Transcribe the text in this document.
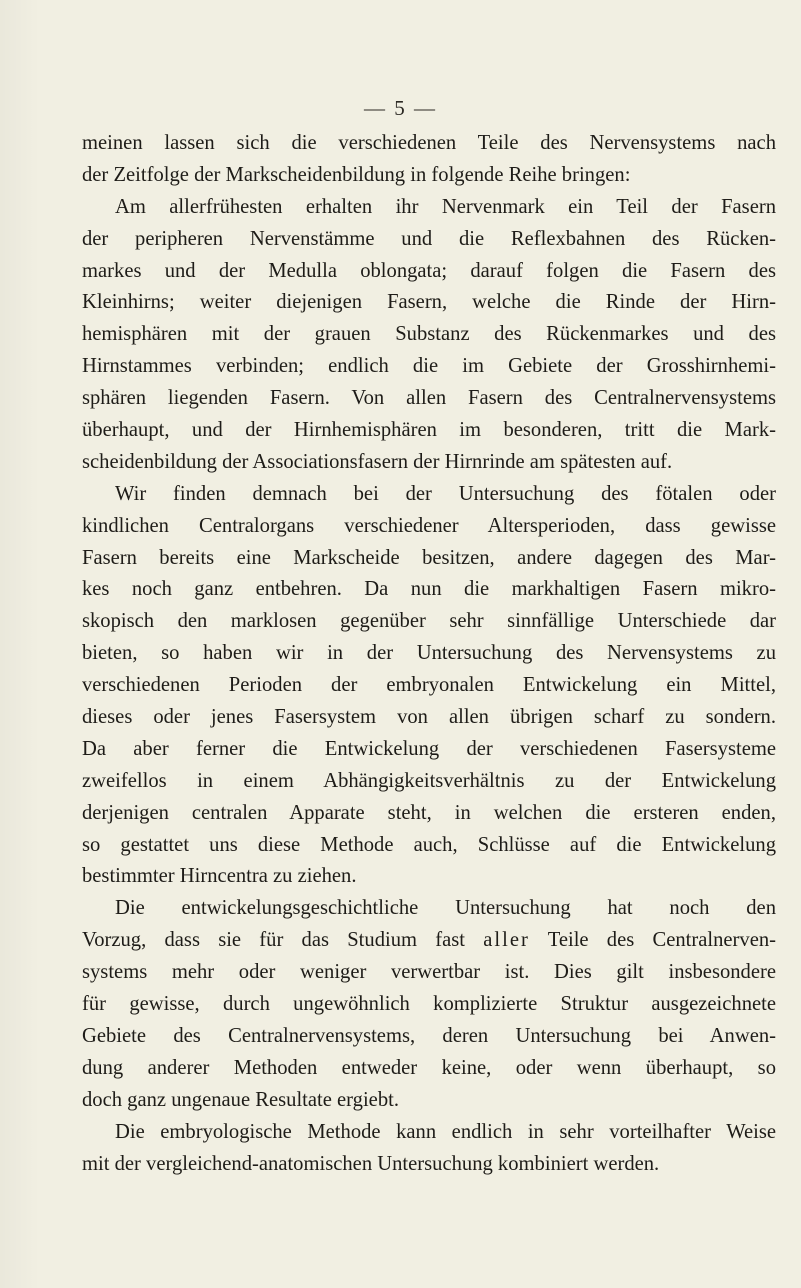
— 5 —
meinen lassen sich die verschiedenen Teile des Nervensystems nach
der Zeitfolge der Markscheidenbildung in folgende Reihe bringen:
Am allerfrühesten erhalten ihr Nervenmark ein Teil der Fasern
der peripheren Nervenstämme und die Reflexbahnen des Rücken-
markes und der Medulla oblongata; darauf folgen die Fasern des
Kleinhirns; weiter diejenigen Fasern, welche die Rinde der Hirn-
hemisphären mit der grauen Substanz des Rückenmarkes und des
Hirnstammes verbinden; endlich die im Gebiete der Grosshirnhemi-
sphären liegenden Fasern. Von allen Fasern des Centralnervensystems
überhaupt, und der Hirnhemisphären im besonderen, tritt die Mark-
scheidenbildung der Associationsfasern der Hirnrinde am spätesten auf.
Wir finden demnach bei der Untersuchung des fötalen oder
kindlichen Centralorgans verschiedener Altersperioden, dass gewisse
Fasern bereits eine Markscheide besitzen, andere dagegen des Mar-
kes noch ganz entbehren. Da nun die markhaltigen Fasern mikro-
skopisch den marklosen gegenüber sehr sinnfällige Unterschiede dar
bieten, so haben wir in der Untersuchung des Nervensystems zu
verschiedenen Perioden der embryonalen Entwickelung ein Mittel,
dieses oder jenes Fasersystem von allen übrigen scharf zu sondern.
Da aber ferner die Entwickelung der verschiedenen Fasersysteme
zweifellos in einem Abhängigkeitsverhältnis zu der Entwickelung
derjenigen centralen Apparate steht, in welchen die ersteren enden,
so gestattet uns diese Methode auch, Schlüsse auf die Entwickelung
bestimmter Hirncentra zu ziehen.
Die entwickelungsgeschichtliche Untersuchung hat noch den
Vorzug, dass sie für das Studium fast aller Teile des Centralnerven-
systems mehr oder weniger verwertbar ist. Dies gilt insbesondere
für gewisse, durch ungewöhnlich komplizierte Struktur ausgezeichnete
Gebiete des Centralnervensystems, deren Untersuchung bei Anwen-
dung anderer Methoden entweder keine, oder wenn überhaupt, so
doch ganz ungenaue Resultate ergiebt.
Die embryologische Methode kann endlich in sehr vorteilhafter Weise
mit der vergleichend-anatomischen Untersuchung kombiniert werden.
